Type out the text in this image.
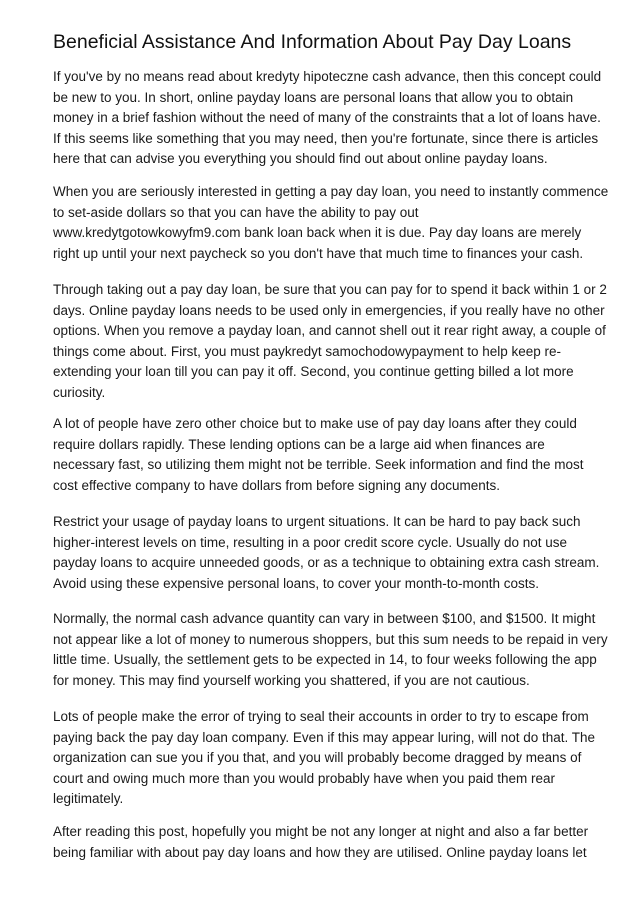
Beneficial Assistance And Information About Pay Day Loans

If you've by no means read about kredyty hipoteczne cash advance, then this concept could
be new to you. In short, online payday loans are personal loans that allow you to obtain
money in a brief fashion without the need of many of the constraints that a lot of loans have.
If this seems like something that you may need, then you're fortunate, since there is articles
here that can advise you everything you should find out about online payday loans.

When you are seriously interested in getting a pay day loan, you need to instantly commence
to set-aside dollars so that you can have the ability to pay out
www.kredytgotowkowyfm9.com bank loan back when it is due. Pay day loans are merely
right up until your next paycheck so you don't have that much time to finances your cash.

Through taking out a pay day loan, be sure that you can pay for to spend it back within 1 or 2
days. Online payday loans needs to be used only in emergencies, if you really have no other
options. When you remove a payday loan, and cannot shell out it rear right away, a couple of
things come about. First, you must paykredyt samochodowypayment to help keep re-
extending your loan till you can pay it off. Second, you continue getting billed a lot more
curiosity.

A lot of people have zero other choice but to make use of pay day loans after they could
require dollars rapidly. These lending options can be a large aid when finances are
necessary fast, so utilizing them might not be terrible. Seek information and find the most
cost effective company to have dollars from before signing any documents.

Restrict your usage of payday loans to urgent situations. It can be hard to pay back such
higher-interest levels on time, resulting in a poor credit score cycle. Usually do not use
payday loans to acquire unneeded goods, or as a technique to obtaining extra cash stream.
Avoid using these expensive personal loans, to cover your month-to-month costs.

Normally, the normal cash advance quantity can vary in between $100, and $1500. It might
not appear like a lot of money to numerous shoppers, but this sum needs to be repaid in very
little time. Usually, the settlement gets to be expected in 14, to four weeks following the app
for money. This may find yourself working you shattered, if you are not cautious.

Lots of people make the error of trying to seal their accounts in order to try to escape from
paying back the pay day loan company. Even if this may appear luring, will not do that. The
organization can sue you if you that, and you will probably become dragged by means of
court and owing much more than you would probably have when you paid them rear
legitimately.

After reading this post, hopefully you might be not any longer at night and also a far better
being familiar with about pay day loans and how they are utilised. Online payday loans let
